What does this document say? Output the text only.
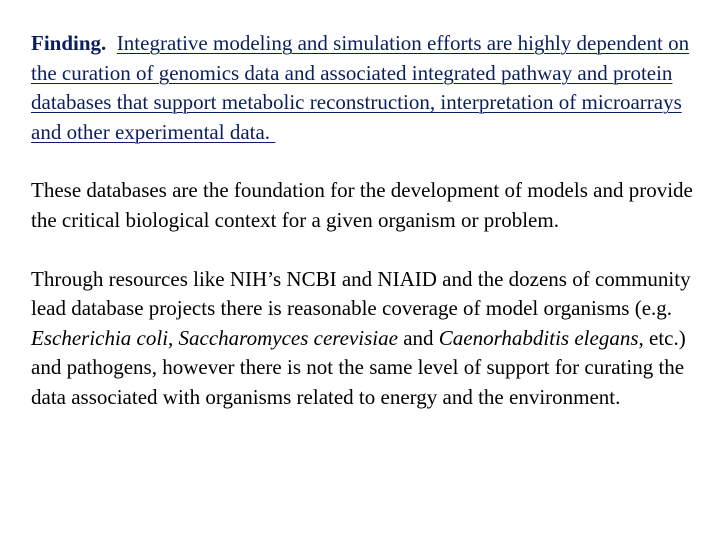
Finding. Integrative modeling and simulation efforts are highly dependent on the curation of genomics data and associated integrated pathway and protein databases that support metabolic reconstruction, interpretation of microarrays and other experimental data.

These databases are the foundation for the development of models and provide the critical biological context for a given organism or problem.

Through resources like NIH’s NCBI and NIAID and the dozens of community lead database projects there is reasonable coverage of model organisms (e.g. Escherichia coli, Saccharomyces cerevisiae and Caenorhabditis elegans, etc.) and pathogens, however there is not the same level of support for curating the data associated with organisms related to energy and the environment.
